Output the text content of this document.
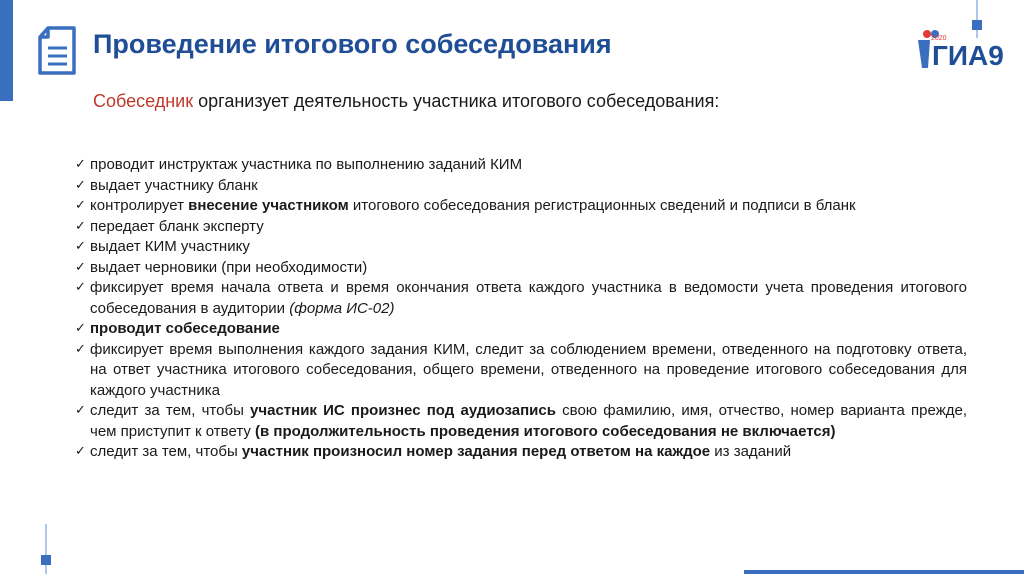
Проведение итогового собеседования	2020
ГИА9
Собеседник организует деятельность участника итогового собеседования:
✓ проводит инструктаж участника по выполнению заданий КИМ
✓ выдает участнику бланк
✓ контролирует внесение участником итогового собеседования регистрационных сведений и подписи в бланк
✓ передает бланк эксперту
✓ выдает КИМ участнику
✓ выдает черновики (при необходимости)
✓ фиксирует время начала ответа и время окончания ответа каждого участника в ведомости учета проведения итогового собеседования в аудитории (форма ИС-02)
✓ проводит собеседование
✓ фиксирует время выполнения каждого задания КИМ, следит за соблюдением времени, отведенного на подготовку ответа, на ответ участника итогового собеседования, общего времени, отведенного на проведение итогового собеседования для каждого участника
✓ следит за тем, чтобы участник ИС произнес под аудиозапись свою фамилию, имя, отчество, номер варианта прежде, чем приступит к ответу (в продолжительность проведения итогового собеседования не включается)
✓ следит за тем, чтобы участник произносил номер задания перед ответом на каждое из заданий
